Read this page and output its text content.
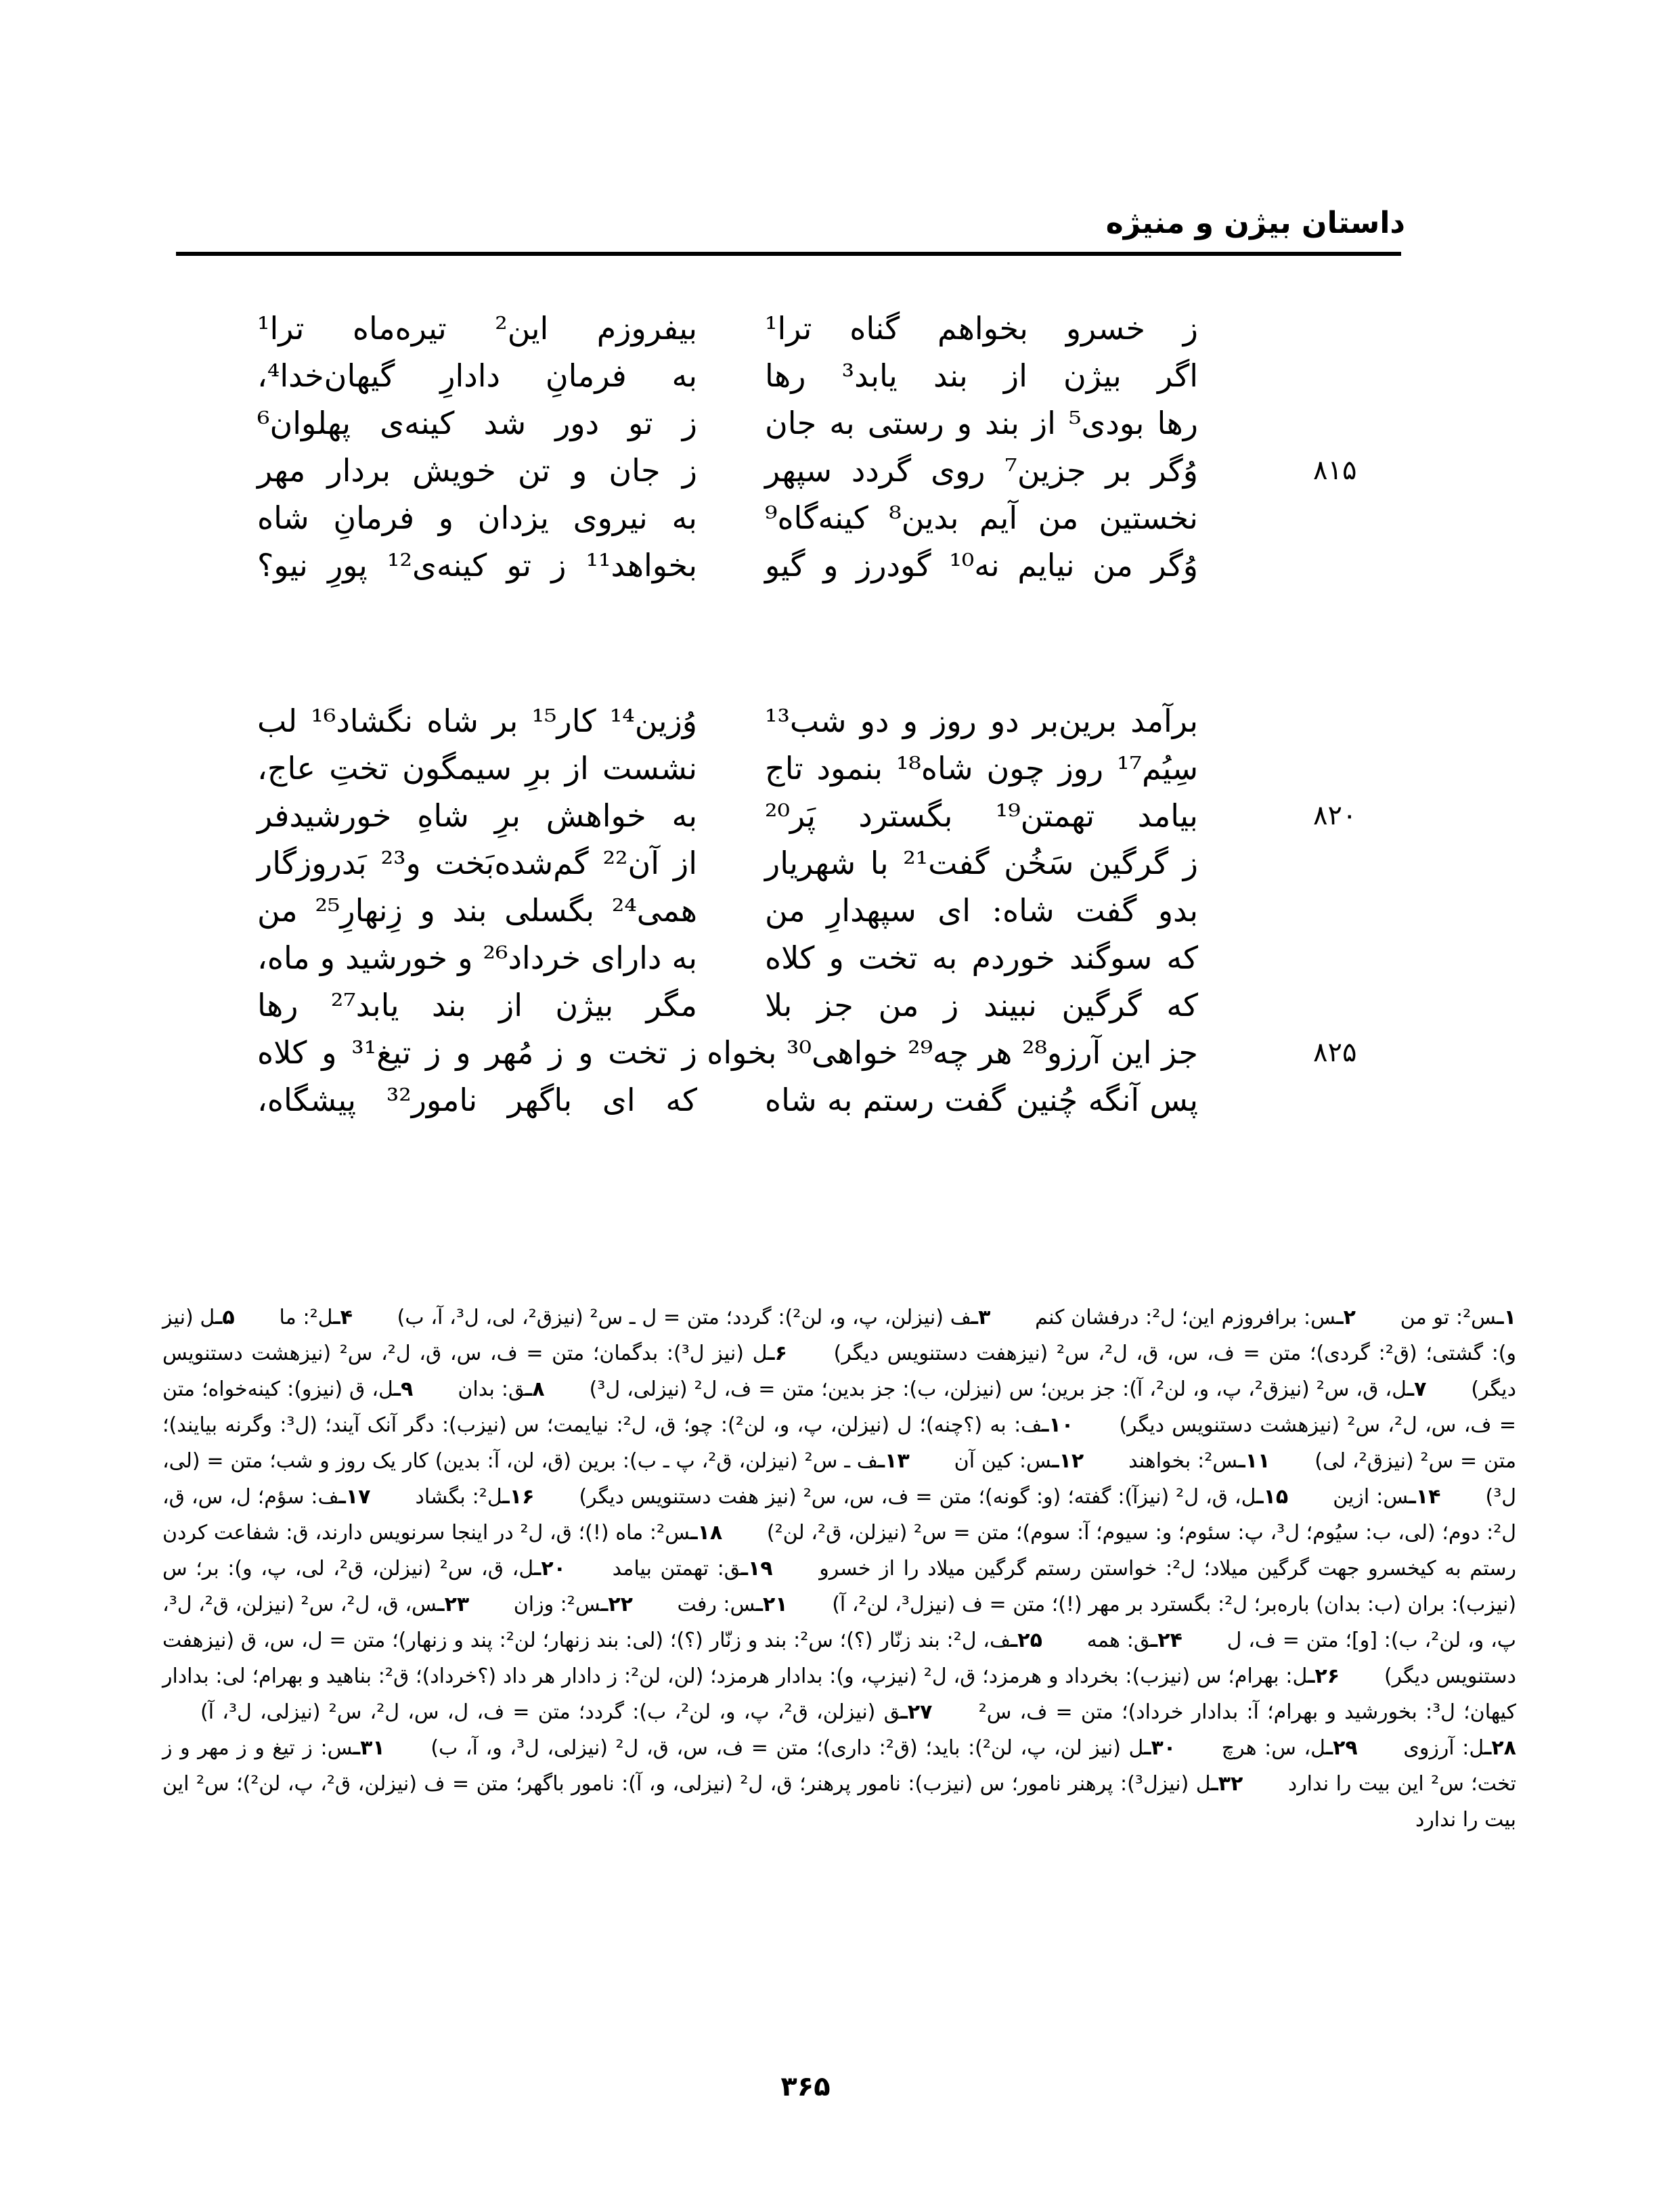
داستان بیژن و منیژه
ز خسرو بخواهم گناه ترا¹
بیفروزم این² تیره‌ماه ترا¹
اگر بیژن از بند یابد³ رها
به فرمانِ دادارِ گیهان‌خدا⁴،
رها بودی⁵ از بند و رستی به جان
ز تو دور شد کینه‌ی پهلوان⁶
۸۱۵
وُگر بر جزین⁷ روی گردد سپهر
ز جان و تن خویش بردار مهر
نخستین من آیم بدین⁸ کینه‌گاه⁹
به نیروی یزدان و فرمانِ شاه
وُگر من نیایم نه¹⁰ گودرز و گیو
بخواهد¹¹ ز تو کینه‌ی¹² پورِ نیو؟
برآمد برین‌بر دو روز و دو شب¹³
وُزین¹⁴ کار¹⁵ بر شاه نگشاد¹⁶ لب
سِیُم¹⁷ روز چون شاه¹⁸ بنمود تاج
نشست از برِ سیمگون تختِ عاج،
۸۲۰
بیامد تهمتن¹⁹ بگسترد پَر²⁰
به خواهش برِ شاهِ خورشیدفر
ز گرگین سَخُن گفت²¹ با شهریار
از آن²² گم‌شده‌بَخت و²³ بَدروزگار
بدو گفت شاه: ای سپهدارِ من
همی²⁴ بگسلی بند و زِنهارِ²⁵ من
که سوگند خوردم به تخت و کلاه
به دارای خرداد²⁶ و خورشید و ماه،
که گرگین نبیند ز من جز بلا
مگر بیژن از بند یابد²⁷ رها
۸۲۵
جز این آرزو²⁸ هر چه²⁹ خواهی³⁰ بخواه
ز تخت و ز مُهر و ز تیغ³¹ و کلاه
پس آنگه چُنین گفت رستم به شاه
که ای باگهر نامور³² پیشگاه،
۱ـس²: تو من ۲ـس: برافروزم این؛ ل²: درفشان کنم ۳ـف (نیزلن، پ، و، لن²): گردد؛ متن = ل ـ س² (نیزق²، لی، ل³، آ، ب) ۴ـل²: ما ۵ـل (نیز و): گشتی؛ (ق²: گردی)؛ متن = ف، س، ق، ل²، س² (نیزهفت دستنویس دیگر) ۶ـل (نیز ل³): بدگمان؛ متن = ف، س، ق، ل²، س² (نیزهشت دستنویس دیگر) ۷ـل، ق، س² (نیزق²، پ، و، لن²، آ): جز برین؛ س (نیزلن، ب): جز بدین؛ متن = ف، ل² (نیزلی، ل³) ۸ـق: بدان ۹ـل، ق (نیزو): کینه‌خواه؛ متن = ف، س، ل²، س² (نیزهشت دستنویس دیگر) ۱۰ـف: به (؟چنه)؛ ل (نیزلن، پ، و، لن²): چو؛ ق، ل²: نیایمت؛ س (نیزب): دگر آنک آیند؛ (ل³: وگرنه بیایند)؛ متن = س² (نیزق²، لی) ۱۱ـس²: بخواهند ۱۲ـس: کین آن ۱۳ـف ـ س² (نیزلن، ق²، پ ـ ب): برین (ق، لن، آ: بدین) کار یک روز و شب؛ متن = (لی، ل³) ۱۴ـس: ازین ۱۵ـل، ق، ل² (نیزآ): گفته؛ (و: گونه)؛ متن = ف، س، س² (نیز هفت دستنویس دیگر) ۱۶ـل²: بگشاد ۱۷ـف: سؤم؛ ل، س، ق، ل²: دوم؛ (لی، ب: سیُوم؛ ل³، پ: سئوم؛ و: سیوم؛ آ: سوم)؛ متن = س² (نیزلن، ق²، لن²) ۱۸ـس²: ماه (!)؛ ق، ل² در اینجا سرنویس دارند، ق: شفاعت کردن رستم به کیخسرو جهت گرگین میلاد؛ ل²: خواستن رستم گرگین میلاد را از خسرو ۱۹ـق: تهمتن بیامد ۲۰ـل، ق، س² (نیزلن، ق²، لی، پ، و): بر؛ س (نیزب): بران (ب: بدان) باره‌بر؛ ل²: بگسترد بر مهر (!)؛ متن = ف (نیزل³، لن²، آ) ۲۱ـس: رفت ۲۲ـس²: وزان ۲۳ـس، ق، ل²، س² (نیزلن، ق²، ل³، پ، و، لن²، ب): [و]؛ متن = ف، ل ۲۴ـق: همه ۲۵ـف، ل²: بند زنّار (؟)؛ س²: بند و زنّار (؟)؛ (لی: بند زنهار؛ لن²: پند و زنهار)؛ متن = ل، س، ق (نیزهفت دستنویس دیگر) ۲۶ـل: بهرام؛ س (نیزب): بخرداد و هرمزد؛ ق، ل² (نیزپ، و): بدادار هرمزد؛ (لن، لن²: ز دادار هر داد (؟خرداد)؛ ق²: بناهید و بهرام؛ لی: بدادار کیهان؛ ل³: بخورشید و بهرام؛ آ: بدادار خرداد)؛ متن = ف، س² ۲۷ـق (نیزلن، ق²، پ، و، لن²، ب): گردد؛ متن = ف، ل، س، ل²، س² (نیزلی، ل³، آ) ۲۸ـل: آرزوی ۲۹ـل، س: هرچ ۳۰ـل (نیز لن، پ، لن²): باید؛ (ق²: داری)؛ متن = ف، س، ق، ل² (نیزلی، ل³، و، آ، ب) ۳۱ـس: ز تیغ و ز مهر و ز تخت؛ س² این بیت را ندارد ۳۲ـل (نیزل³): پرهنر نامور؛ س (نیزب): نامور پرهنر؛ ق، ل² (نیزلی، و، آ): نامور باگهر؛ متن = ف (نیزلن، ق²، پ، لن²)؛ س² این بیت را ندارد
۳۶۵
